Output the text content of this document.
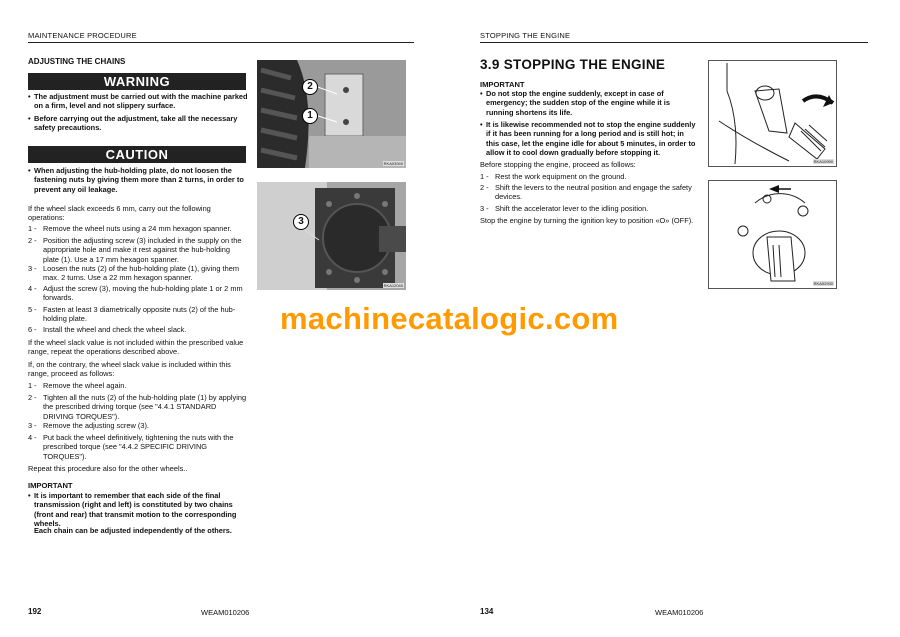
MAINTENANCE PROCEDURE
ADJUSTING THE CHAINS
WARNING
• The adjustment must be carried out with the machine parked on a firm, level and not slippery surface.
• Before carrying out the adjustment, take all the necessary safety precautions.
CAUTION
• When adjusting the hub-holding plate, do not loosen the fastening nuts by giving them more than 2 turns, in order to prevent any oil leakage.
If the wheel slack exceeds 6 mm, carry out the following operations:
1 - Remove the wheel nuts using a 24 mm hexagon spanner.
2 - Position the adjusting screw (3) included in the supply on the appropriate hole and make it rest against the hub-holding plate (1). Use a 17 mm hexagon spanner.
3 - Loosen the nuts (2) of the hub-holding plate (1), giving them max. 2 turns. Use a 22 mm hexagon spanner.
4 - Adjust the screw (3), moving the hub-holding plate 1 or 2 mm forwards.
5 - Fasten at least 3 diametrically opposite nuts (2) of the hub-holding plate.
6 - Install the wheel and check the wheel slack.
If the wheel slack value is not included within the prescribed value range, repeat the operations described above.
If, on the contrary, the wheel slack value is included within this range, proceed as follows:
1 - Remove the wheel again.
2 - Tighten all the nuts (2) of the hub-holding plate (1) by applying the prescribed driving torque (see "4.4.1 STANDARD DRIVING TORQUES").
3 - Remove the adjusting screw (3).
4 - Put back the wheel definitively, tightening the nuts with the prescribed torque (see "4.4.2 SPECIFIC DRIVING TORQUES").
Repeat this procedure also for the other wheels..
IMPORTANT
• It is important to remember that each side of the final transmission (right and left) is constituted by two chains (front and rear) that transmit motion to the corresponding wheels.
Each chain can be adjusted independently of the others.
2
1
RKA03940
3
RKA12040
192	WEAM010206
STOPPING THE ENGINE
3.9 STOPPING THE ENGINE
IMPORTANT
• Do not stop the engine suddenly, except in case of emergency; the sudden stop of the engine while it is running shortens its life.
• It is likewise recommended not to stop the engine suddenly if it has been running for a long period and is still hot; in this case, let the engine idle for about 5 minutes, in order to allow it to cool down gradually before stopping it.
Before stopping the engine, proceed as follows:
1 - Rest the work equipment on the ground.
2 - Shift the levers to the neutral position and engage the safety devices.
3 - Shift the accelerator lever to the idling position.
Stop the engine by turning the ignition key to position «O» (OFF).
RKA10990
RKA02930
134	WEAM010206
machinecatalogic.com
